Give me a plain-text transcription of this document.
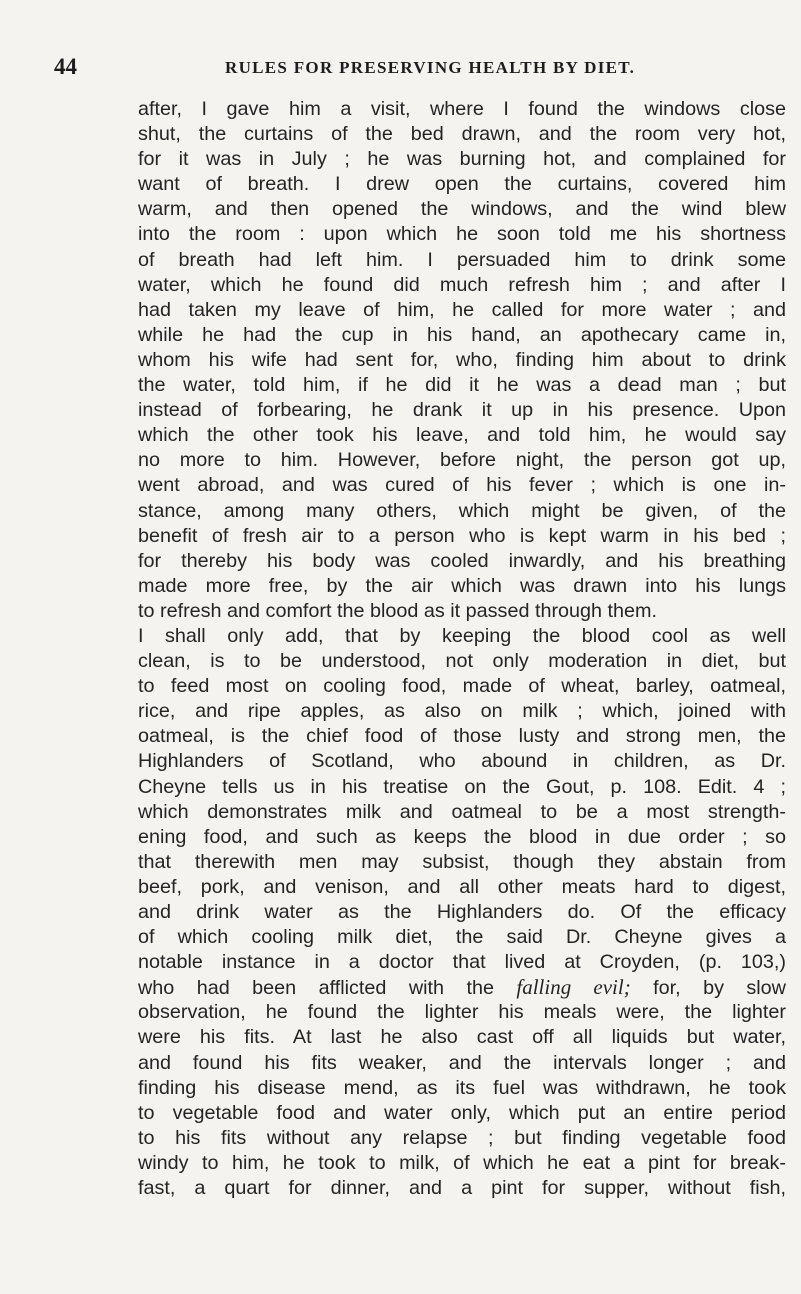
44	RULES FOR PRESERVING HEALTH BY DIET.
after, I gave him a visit, where I found the windows close
shut, the curtains of the bed drawn, and the room very hot,
for it was in July ; he was burning hot, and complained for
want of breath. I drew open the curtains, covered him
warm, and then opened the windows, and the wind blew
into the room : upon which he soon told me his shortness
of breath had left him. I persuaded him to drink some
water, which he found did much refresh him ; and after I
had taken my leave of him, he called for more water ; and
while he had the cup in his hand, an apothecary came in,
whom his wife had sent for, who, finding him about to drink
the water, told him, if he did it he was a dead man ; but
instead of forbearing, he drank it up in his presence. Upon
which the other took his leave, and told him, he would say
no more to him. However, before night, the person got up,
went abroad, and was cured of his fever ; which is one in-
stance, among many others, which might be given, of the
benefit of fresh air to a person who is kept warm in his bed ;
for thereby his body was cooled inwardly, and his breathing
made more free, by the air which was drawn into his lungs
to refresh and comfort the blood as it passed through them.
I shall only add, that by keeping the blood cool as well
clean, is to be understood, not only moderation in diet, but
to feed most on cooling food, made of wheat, barley, oatmeal,
rice, and ripe apples, as also on milk ; which, joined with
oatmeal, is the chief food of those lusty and strong men, the
Highlanders of Scotland, who abound in children, as Dr.
Cheyne tells us in his treatise on the Gout, p. 108. Edit. 4 ;
which demonstrates milk and oatmeal to be a most strength-
ening food, and such as keeps the blood in due order ; so
that therewith men may subsist, though they abstain from
beef, pork, and venison, and all other meats hard to digest,
and drink water as the Highlanders do. Of the efficacy
of which cooling milk diet, the said Dr. Cheyne gives a
notable instance in a doctor that lived at Croyden, (p. 103,)
who had been afflicted with the falling evil; for, by slow
observation, he found the lighter his meals were, the lighter
were his fits. At last he also cast off all liquids but water,
and found his fits weaker, and the intervals longer ; and
finding his disease mend, as its fuel was withdrawn, he took
to vegetable food and water only, which put an entire period
to his fits without any relapse ; but finding vegetable food
windy to him, he took to milk, of which he eat a pint for break-
fast, a quart for dinner, and a pint for supper, without fish,
